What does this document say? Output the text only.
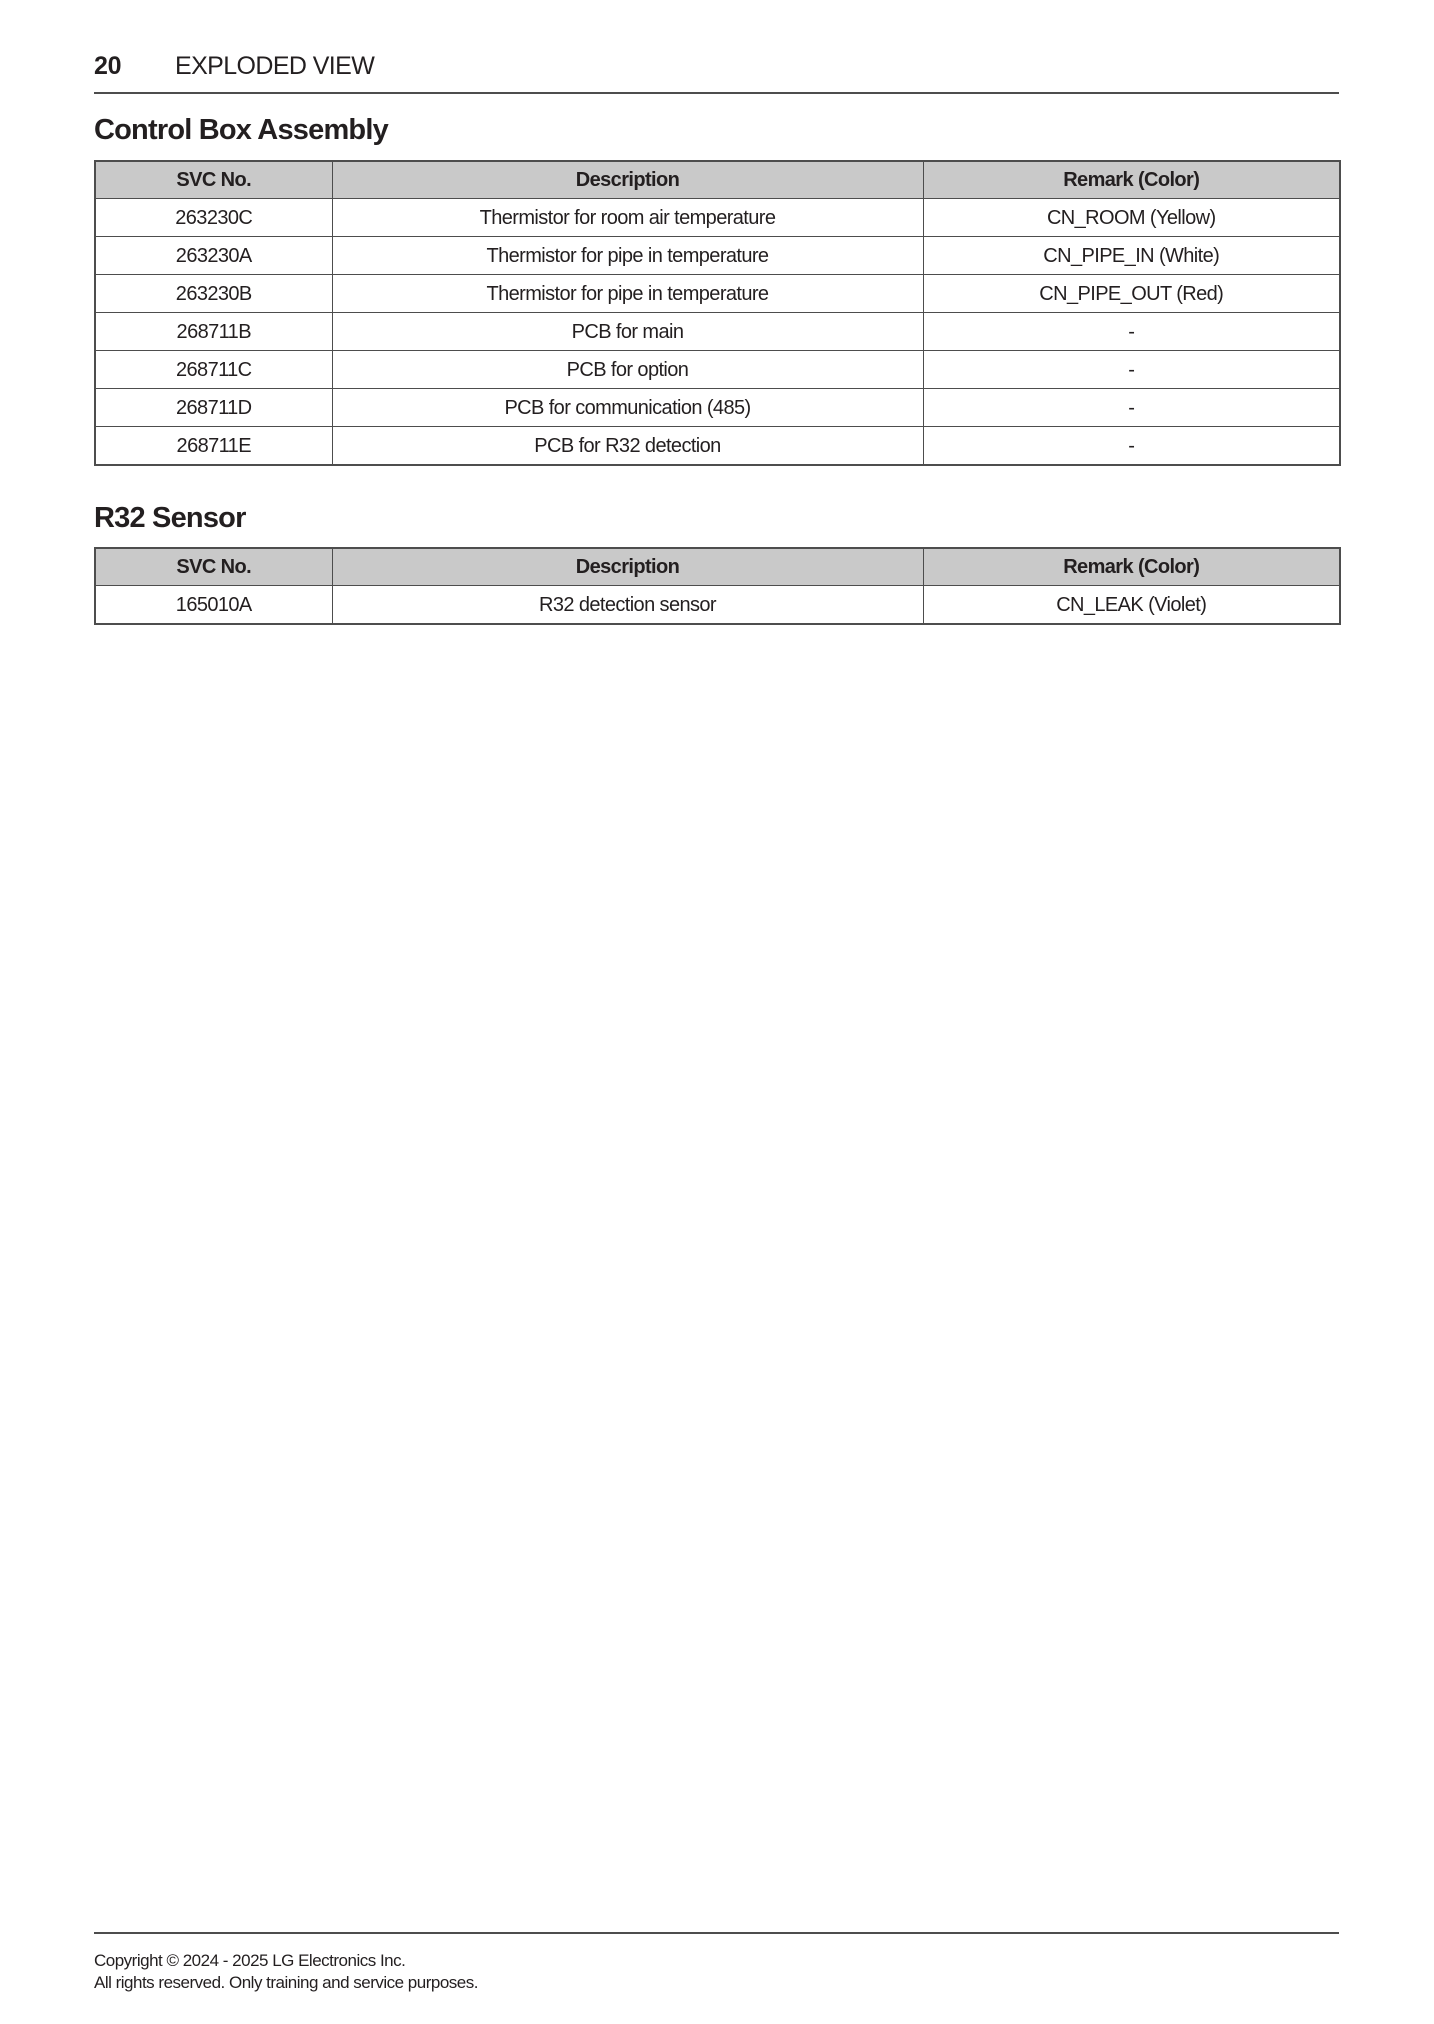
20 EXPLODED VIEW
Control Box Assembly
SVC No.	Description	Remark (Color)
263230C	Thermistor for room air temperature	CN_ROOM (Yellow)
263230A	Thermistor for pipe in temperature	CN_PIPE_IN (White)
263230B	Thermistor for pipe in temperature	CN_PIPE_OUT (Red)
268711B	PCB for main	-
268711C	PCB for option	-
268711D	PCB for communication (485)	-
268711E	PCB for R32 detection	-
R32 Sensor
SVC No.	Description	Remark (Color)
165010A	R32 detection sensor	CN_LEAK (Violet)
Copyright © 2024 - 2025 LG Electronics Inc.
All rights reserved. Only training and service purposes.
